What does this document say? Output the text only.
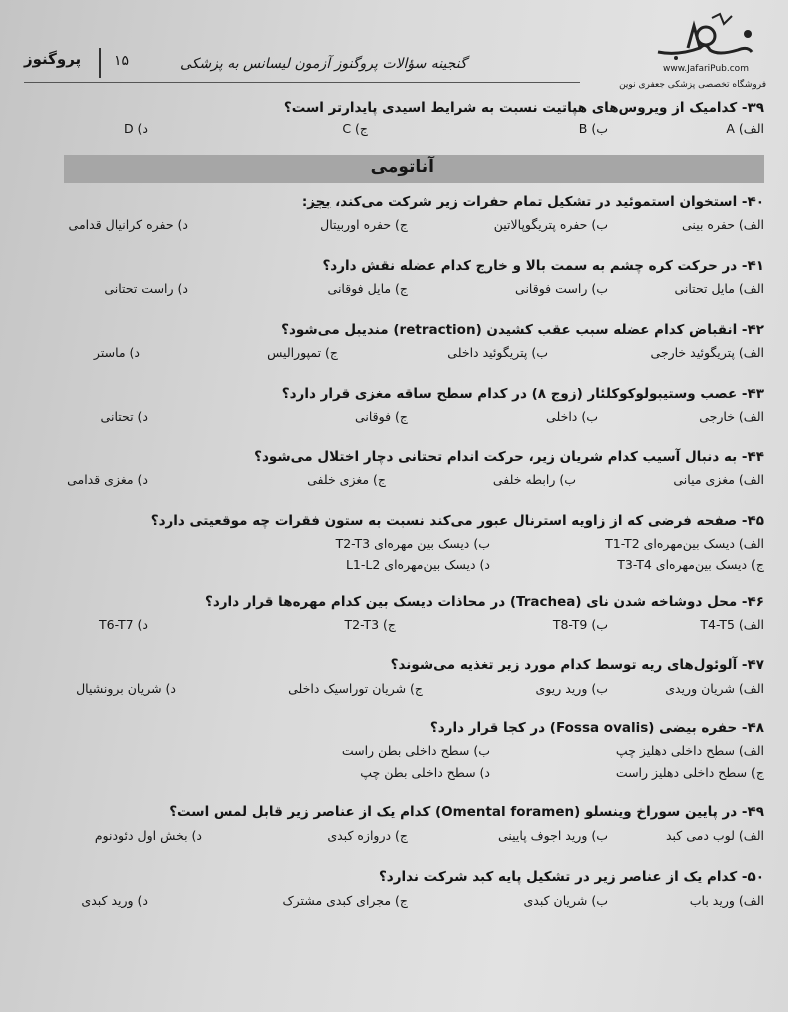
پروگنوز ۱۵	گنجینه سؤالات پروگنوز آزمون لیسانس به پزشکی	www.JafariPub.com
فروشگاه تخصصی پزشکی جعفری نوین
۳۹- کدامیک از ویروس‌های هپاتیت نسبت به شرایط اسیدی پایدارتر است؟
الف) A
ب) B
ج) C
د) D
آناتومی
۴۰- استخوان استموئید در تشکیل تمام حفرات زیر شرکت می‌کند، بجز:
الف) حفره بینی
ب) حفره پتریگوپالاتین
ج) حفره اوربیتال
د) حفره کرانیال قدامی
۴۱- در حرکت کره چشم به سمت بالا و خارج کدام عضله نقش دارد؟
الف) مایل تحتانی
ب) راست فوقانی
ج) مایل فوقانی
د) راست تحتانی
۴۲- انقباض کدام عضله سبب عقب کشیدن (retraction) مندیبل می‌شود؟
الف) پتریگوئید خارجی
ب) پتریگوئید داخلی
ج) تمپورالیس
د) ماستر
۴۳- عصب وستیبولوکوکلئار (زوج ۸) در کدام سطح ساقه مغزی قرار دارد؟
الف) خارجی
ب) داخلی
ج) فوقانی
د) تحتانی
۴۴- به دنبال آسیب کدام شریان زیر، حرکت اندام تحتانی دچار اختلال می‌شود؟
الف) مغزی میانی
ب) رابطه خلفی
ج) مغزی خلفی
د) مغزی قدامی
۴۵- صفحه فرضی که از زاویه استرنال عبور می‌کند نسبت به ستون فقرات چه موقعیتی دارد؟
الف) دیسک بین‌مهره‌ای T1-T2
ب) دیسک بین مهره‌ای T2-T3
ج) دیسک بین‌مهره‌ای T3-T4
د) دیسک بین‌مهره‌ای L1-L2
۴۶- محل دوشاخه شدن نای (Trachea) در محاذات دیسک بین کدام مهره‌ها قرار دارد؟
الف) T4-T5
ب) T8-T9
ج) T2-T3
د) T6-T7
۴۷- آلوئول‌های ریه توسط کدام مورد زیر تغذیه می‌شوند؟
الف) شریان وریدی
ب) ورید ریوی
ج) شریان توراسیک داخلی
د) شریان برونشیال
۴۸- حفره بیضی (Fossa ovalis) در کجا قرار دارد؟
الف) سطح داخلی دهلیز چپ
ب) سطح داخلی بطن راست
ج) سطح داخلی دهلیز راست
د) سطح داخلی بطن چپ
۴۹- در پایین سوراخ وینسلو (Omental foramen) کدام یک از عناصر زیر قابل لمس است؟
الف) لوب دمی کبد
ب) ورید اجوف پایینی
ج) دروازه کبدی
د) بخش اول دئودنوم
۵۰- کدام یک از عناصر زیر در تشکیل پایه کبد شرکت ندارد؟
الف) ورید باب
ب) شریان کبدی
ج) مجرای کبدی مشترک
د) ورید کبدی
